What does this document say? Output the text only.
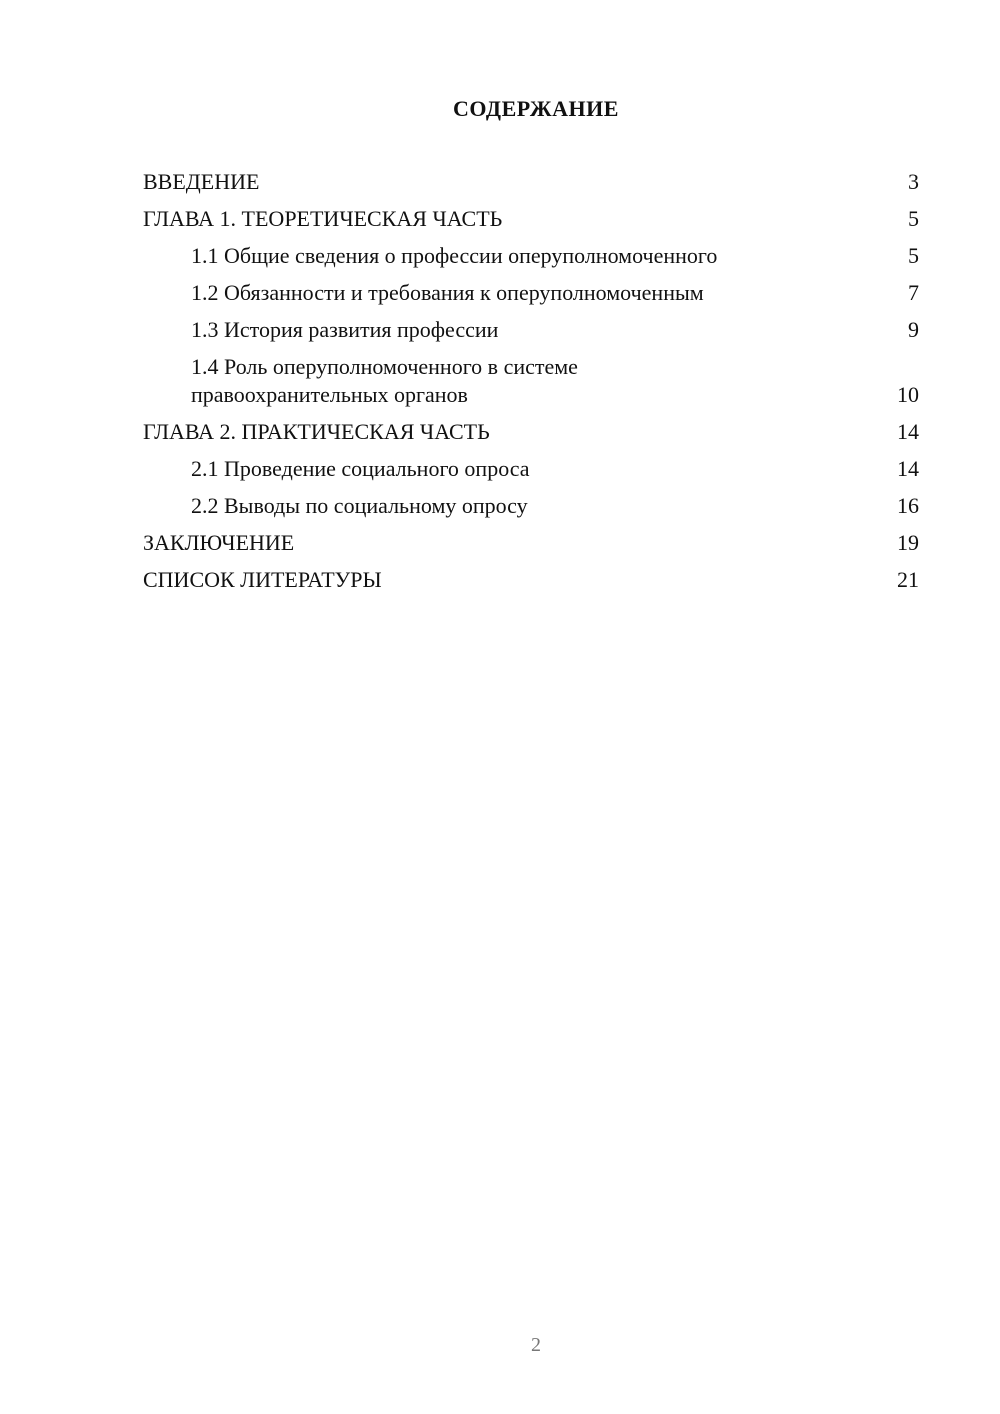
СОДЕРЖАНИЕ
ВВЕДЕНИЕ	3
ГЛАВА 1. ТЕОРЕТИЧЕСКАЯ ЧАСТЬ	5
1.1 Общие сведения о профессии оперуполномоченного	5
1.2 Обязанности и требования к оперуполномоченным	7
1.3 История развития профессии	9
1.4 Роль оперуполномоченного в системе правоохранительных органов	10
ГЛАВА 2. ПРАКТИЧЕСКАЯ ЧАСТЬ	14
2.1 Проведение социального опроса	14
2.2 Выводы по социальному опросу	16
ЗАКЛЮЧЕНИЕ	19
СПИСОК ЛИТЕРАТУРЫ	21
2
